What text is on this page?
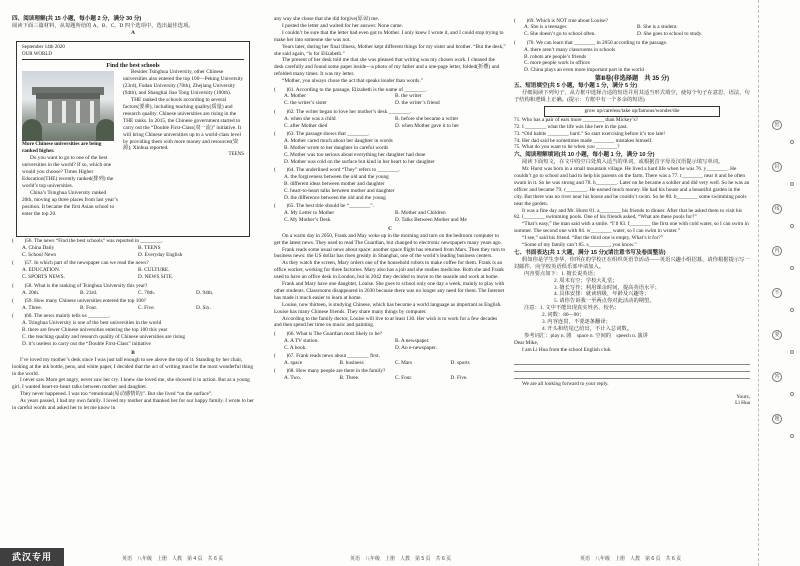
四、阅读理解(共 15 小题，每小题 2 分，满分 30 分)
阅读下面三篇材料，从每题所给的 A、B、C、D 四个选项中，选出最佳选项。
A
September 14th 2020
OUR WORLD
Find the best schools
More Chinese universities are being ranked higher.

Do you want to go to one of the best universities in the world? If so, which one would you choose? Times Higher Education(THE) recently ranked(排列) the world’s top universities.

China’s Tsinghua University ranked 20th, moving up three places from last year’s position. It became the first Asian school to enter the top 20.

Besides Tsinghua University, other Chinese universities also entered the top 100—Peking University (23rd), Fudan University (70th), Zhejiang University (94th), and Shanghai Jiao Tong University (100th).

THE ranked the schools according to several factors(要素), including teaching quality(质量) and research quality. Chinese universities are rising in the THE ranks. In 2015, the Chinese government started to carry out the “Double First-Class(双一流)” initiative. It will bring Chinese universities up to a world-class level by providing them with more money and resources(资源), Xinhua reported.

TEENS
(　　)56. The news “Find the best schools” was reported in ________.
A. China Daily	B. TEENS
C. School News	D. Everyday English
(　　)57. In which part of the newspaper can we read the news?
A. EDUCATION.	B. CULTURE.
C. SPORTS NEWS.	D. NEWS SITE.
(　　)58. What is the ranking of Tsinghua University this year?
A. 20th.	B. 23rd.	C. 70th.	D. 94th.
(　　)59. How many Chinese universities entered the top 100?
A. Three.	B. Four.	C. Five.	D. Six.
(　　)60. The news mainly tells us ________.
A. Tsinghua University is one of the best universities in the world
B. there are fewer Chinese universities entering the top 100 this year
C. the teaching quality and research quality of Chinese universities are rising
D. it’s useless to carry out the “Double First-Class” initiative
B

I’ve loved my mother’s desk since I was just tall enough to see above the top of it. Standing by her chair, looking at the ink bottle, pens, and white paper, I decided that the act of writing must be the most wonderful thing in the world.

I never saw Mom get angry, never saw her cry. I knew she loved me, she showed it in action. But as a young girl, I wanted heart-to-heart talks between mother and daughter.

They never happened. I was too “emotional(易动感情的)”. But she lived “on the surface”.

As years passed, I had my own family. I loved my mother and thanked her for our happy family. I wrote to her in careful words and asked her to let me know in

any way she chose that she did forgive(原谅) me.

I posted the letter and waited for her answer. None came.

I couldn’t be sure that the letter had even got to Mother. I only knew I wrote it, and I could stop trying to make her into someone she was not.

Years later, during her final illness, Mother kept different things for my sister and brother. “But the desk,” she said again, “is for Elizabeth.”

The present of her desk told me that she was pleased that writing was my chosen work. I cleaned the desk carefully and found some paper inside—a photo of my father and a one-page letter, folded(折叠) and refolded many times. It was my letter.

“Mother, you always chose the act that speaks louder than words.”

(　　)61. According to the passage, Elizabeth is the name of ________.
A. Mother	B. the writer
C. the writer’s sister	D. the writer’s friend
(　　)62. The writer began to love her mother’s desk ________.
A. when she was a child	B. before she became a writer
C. after Mother died	D. when Mother gave it to her
(　　)63. The passage shows that ________.
A. Mother cared much about her daughter in words
B. Mother wrote to her daughter in careful words
C. Mother was too serious about everything her daughter had done
D. Mother was cold on the surface but kind in her heart to her daughter
(　　)64. The underlined word “They” refers to ________.
A. the forgiveness between the old and the young
B. different ideas between mother and daughter
C. heart-to-heart talks between mother and daughter
D. the difference between the old and the young
(　　)65. The best title should be “________”.
A. My Letter to Mother	B. Mother and Children
C. My Mother’s Desk	D. Talks Between Mother and Me
C

On a warm day in 2050, Frank and May woke up in the morning and turn on the bedroom computer to get the latest news. They used to read The Guardian, but changed to electronic newspapers many years ago.

Frank reads some usual news about space: another space flight has returned from Mars. Then they turn to business news: the US dollar has risen greatly in Shanghai, one of the world’s leading business centers.

As they watch the screen, Mary orders one of the household robots to make coffee for them. Frank is an office worker, working for three factories. Mary also has a job and she studies medicine. Both she and Frank used to have an office desk in London, but in 2042 they decided to move to the seaside and work at home.

Frank and Mary have one daughter, Louise. She goes to school only one day a week, mainly to play with other students. Classrooms disappeared in 2030 because there was no longer any need for them. The Internet has made it much easier to learn at home.

Louise, now thirteen, is studying Chinese, which has become a world language as important as English. Louise has many Chinese friends. They share many things by computer.

According to the family doctor, Louise will live to at least 130. Her wish is to work for a few decades and then spend her time on music and painting.

(　　)66. What is The Guardian most likely to be?
A. A TV station.	B. A newspaper.
C. A book.	D. An e-newspaper.
(　　)67. Frank reads news about ________ first.
A. space	B. business	C. Mars	D. sports
(　　)68. How many people are there in the family?
A. Two.	B. Three.	C. Four.	D. Five.
(　　)69. Which is NOT true about Louise?
A. She is a teenager.	B. She is a student.
C. She doesn’t go to school often.	D. She goes to school to study.
(　　)70. We can learn that ________ in 2050 according to the passage.
A. there aren’t many classrooms in schools
B. robots are people’s friends
C. more people work in offices
D. China plays an even more important part in the world
第Ⅱ卷(非选择题　共 35 分)
五、短语填空(共 5 小题，每小题 1 分，满分 5 分)
仔细阅读下列句子，从方框中选择合适的短语并用其适当形式填空，使每个句子在意思、语法、句子结构和逻辑上正确。(提示：方框中有一个多余的短语)
grow up/careless/take up/famous/wonder/die
71. Who has a pair of ears more ________ than Mickey’s?
72. I ________ what the life was like here in the past.
73. “Old habits ________ hard.” So start exercising before it’s too late!
74. Her dad said he sometimes made ________ mistakes himself.
75. What do you want to be when you ________?
六、阅读理解填词(共 10 小题，每小题 1 分，满分 10 分)
阅读下面短文，在文中的空白处填入适当的单词，或根据首字母及汉语提示填写单词。

Mr. Hurst was born in a small mountain village. He lived a hard life when he was 76. y________. He couldn’t go to school and had to help his parents on the farm. There was a 77. r________ near it and he often swam in it. So he was strong and 78. h________. Later on he became a soldier and did very well. So he was an officer and became 79. r________. He earned much money. He had his house and a beautiful garden in the city. But there was no river near his house and he couldn’t swim. So he 80. b________ some swimming pools near the garden.

It was a fine day and Mr. Hurst 81. a________ his friends to dinner. After that he asked them to visit his 82. l________ swimming pools. One of his friends asked, “What are these pools for?”

“That’s easy,” the man said with a smile. “I’ll 83. f________ the first one with cold water, so I can swim in summer. The second one with 84. w________ water, so I can swim in winter.”

“I see,” said his friend. “But the third one is empty. What’s it for?”

“Some of my family can’t 85. s________, you know.”

七、书面表达(共 1 大题，满分 15 分)(请注意书写及卷面整洁)
假如你是学生李华，你所在的学校正在组织英语节活动——英语兴趣小组招募，请你根据提示写一封邮件，向学校英语俱乐部申请加入。
内容要点如下：1. 擅长说英语；
2. 周末有空；学校大礼堂；
3. 擅长写作；利用课余时间，提高英语水平；
4. 具体安排：就读班级，年龄及兴趣等；
5. 请你告诉我一至两点你对此活动的期望。
注意：1. 文中不能出现真实姓名、校名；
2. 词数：80—90；
3. 内容连贯，不要逐条翻译；
4. 开头和结尾已给出，不计入总词数。
参考词汇：play n. 剧　space n. 空间的　speech n. 演讲
Dear Mike,
I am Li Hua from the school English club.
We are all looking forward to your reply.
Yours,
Li Hua
密
封
线
内
不
要
答
题
武汉专用	英语　八年级　上册　人教　第 4 页　共 6 页	英语　八年级　上册　人教　第 5 页　共 6 页	英语　八年级　上册　人教　第 6 页　共 6 页
